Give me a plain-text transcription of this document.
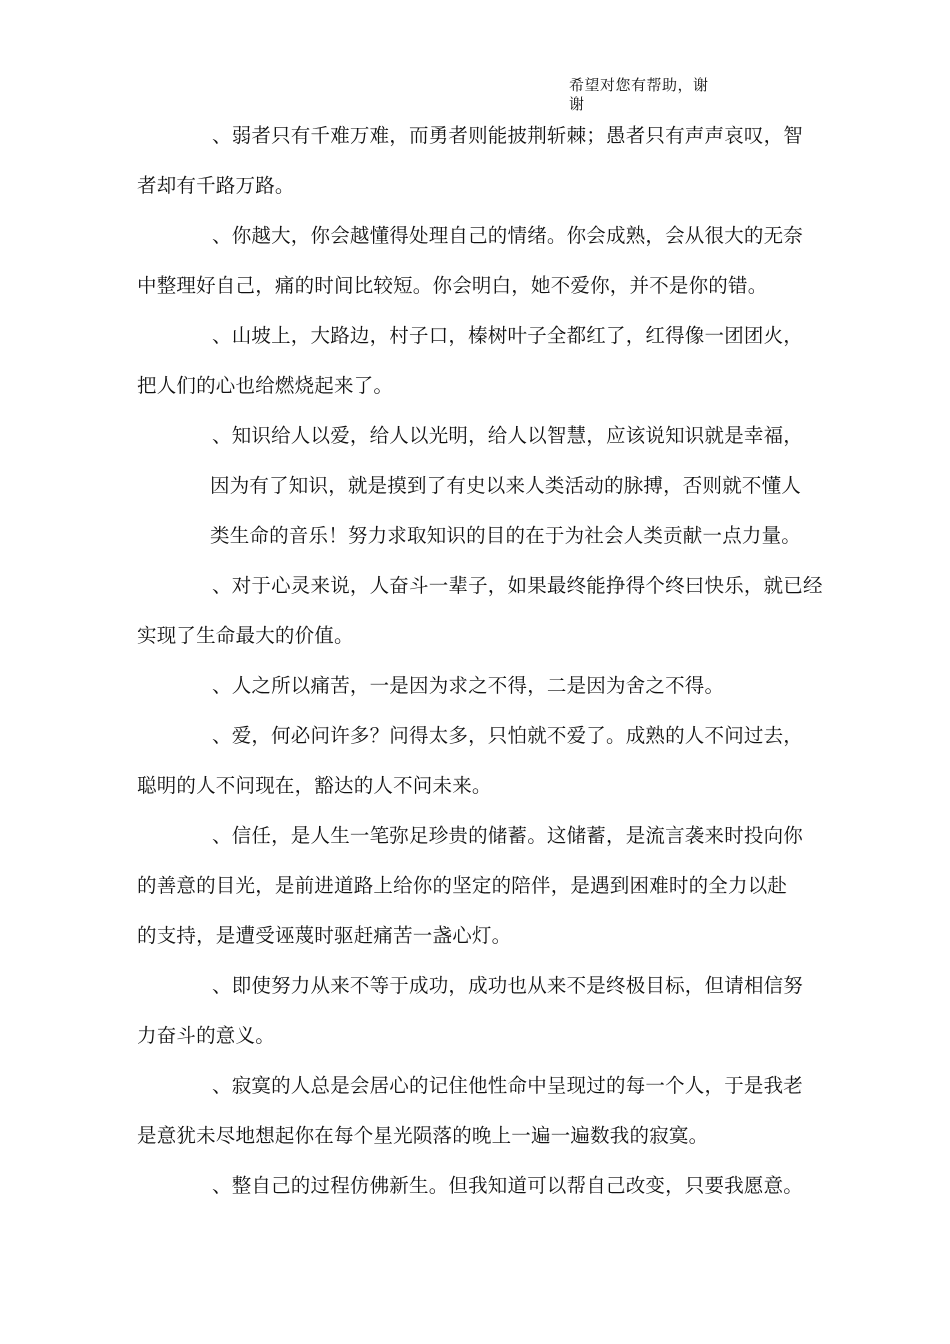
希望对您有帮助，谢谢
、弱者只有千难万难，而勇者则能披荆斩棘；愚者只有声声哀叹，智
者却有千路万路。
、你越大，你会越懂得处理自己的情绪。你会成熟，会从很大的无奈
中整理好自己，痛的时间比较短。你会明白，她不爱你，并不是你的错。
、山坡上，大路边，村子口，榛树叶子全都红了，红得像一团团火，
把人们的心也给燃烧起来了。
、知识给人以爱，给人以光明，给人以智慧，应该说知识就是幸福，
因为有了知识，就是摸到了有史以来人类活动的脉搏，否则就不懂人
类生命的音乐！努力求取知识的目的在于为社会人类贡献一点力量。
、对于心灵来说，人奋斗一辈子，如果最终能挣得个终曰快乐，就已经
实现了生命最大的价值。
、人之所以痛苦，一是因为求之不得，二是因为舍之不得。
、爱，何必问许多？问得太多，只怕就不爱了。成熟的人不问过去，
聪明的人不问现在，豁达的人不问未来。
、信任，是人生一笔弥足珍贵的储蓄。这储蓄，是流言袭来时投向你
的善意的目光，是前进道路上给你的坚定的陪伴，是遇到困难时的全力以赴
的支持，是遭受诬蔑时驱赶痛苦一盏心灯。
、即使努力从来不等于成功，成功也从来不是终极目标，但请相信努
力奋斗的意义。
、寂寞的人总是会居心的记住他性命中呈现过的每一个人，于是我老
是意犹未尽地想起你在每个星光陨落的晚上一遍一遍数我的寂寞。
、整自己的过程仿佛新生。但我知道可以帮自己改变，只要我愿意。
